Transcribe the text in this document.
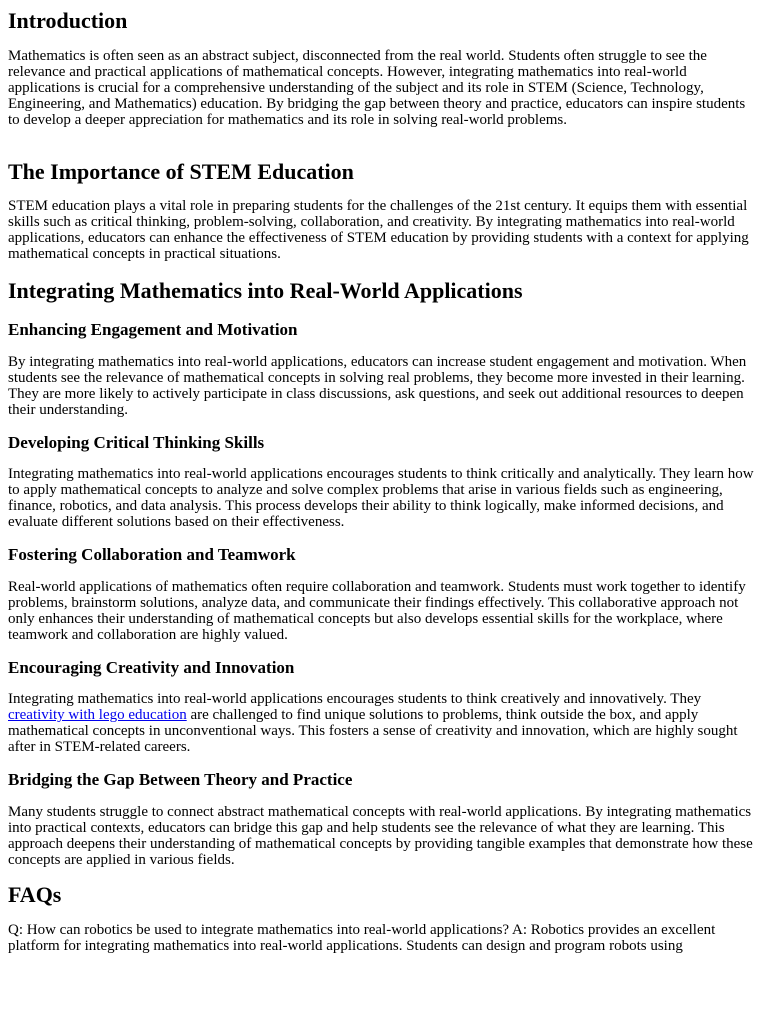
Introduction

Mathematics is often seen as an abstract subject, disconnected from the real world. Students often struggle to see the relevance and practical applications of mathematical concepts. However, integrating mathematics into real-world applications is crucial for a comprehensive understanding of the subject and its role in STEM (Science, Technology, Engineering, and Mathematics) education. By bridging the gap between theory and practice, educators can inspire students to develop a deeper appreciation for mathematics and its role in solving real-world problems.

The Importance of STEM Education

STEM education plays a vital role in preparing students for the challenges of the 21st century. It equips them with essential skills such as critical thinking, problem-solving, collaboration, and creativity. By integrating mathematics into real-world applications, educators can enhance the effectiveness of STEM education by providing students with a context for applying mathematical concepts in practical situations.

Integrating Mathematics into Real-World Applications
Enhancing Engagement and Motivation

By integrating mathematics into real-world applications, educators can increase student engagement and motivation. When students see the relevance of mathematical concepts in solving real problems, they become more invested in their learning. They are more likely to actively participate in class discussions, ask questions, and seek out additional resources to deepen their understanding.

Developing Critical Thinking Skills

Integrating mathematics into real-world applications encourages students to think critically and analytically. They learn how to apply mathematical concepts to analyze and solve complex problems that arise in various fields such as engineering, finance, robotics, and data analysis. This process develops their ability to think logically, make informed decisions, and evaluate different solutions based on their effectiveness.

Fostering Collaboration and Teamwork

Real-world applications of mathematics often require collaboration and teamwork. Students must work together to identify problems, brainstorm solutions, analyze data, and communicate their findings effectively. This collaborative approach not only enhances their understanding of mathematical concepts but also develops essential skills for the workplace, where teamwork and collaboration are highly valued.

Encouraging Creativity and Innovation

Integrating mathematics into real-world applications encourages students to think creatively and innovatively. They creativity with lego education are challenged to find unique solutions to problems, think outside the box, and apply mathematical concepts in unconventional ways. This fosters a sense of creativity and innovation, which are highly sought after in STEM-related careers.

Bridging the Gap Between Theory and Practice

Many students struggle to connect abstract mathematical concepts with real-world applications. By integrating mathematics into practical contexts, educators can bridge this gap and help students see the relevance of what they are learning. This approach deepens their understanding of mathematical concepts by providing tangible examples that demonstrate how these concepts are applied in various fields.

FAQs

Q: How can robotics be used to integrate mathematics into real-world applications? A: Robotics provides an excellent platform for integrating mathematics into real-world applications. Students can design and program robots using
